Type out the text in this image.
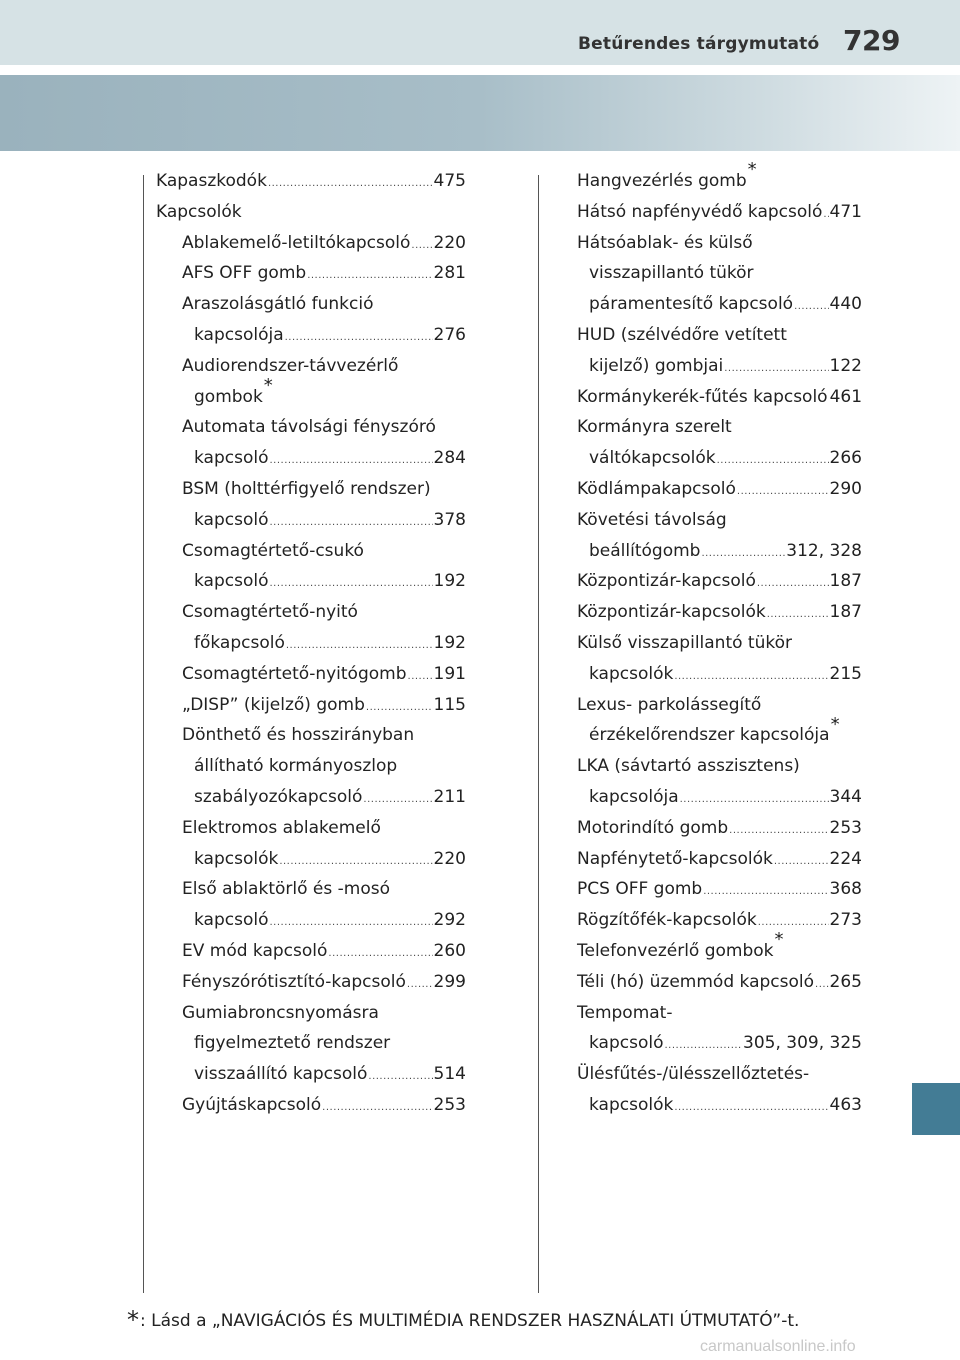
Betűrendes tárgymutató 729
Kapaszkodók .....	475
Kapcsolók
Ablakemelő-letiltókapcsoló ..... 220
AFS OFF gomb .....	281
Araszolásgátló funkció
kapcsolója .....	276
Audiorendszer-távvezérlő
gombok*
Automata távolsági fényszóró
kapcsoló .....	284
BSM (holttérfigyelő rendszer)
kapcsoló .....	378
Csomagtértető-csukó
kapcsoló .....	192
Csomagtértető-nyitó
főkapcsoló .....	192
Csomagtértető-nyitógomb ..... 191
„DISP” (kijelző) gomb .....	115
Dönthető és hosszirányban
állítható kormányoszlop
szabályozókapcsoló .....	211
Elektromos ablakemelő
kapcsolók .....	220
Első ablaktörlő és -mosó
kapcsoló .....	292
EV mód kapcsoló .....	260
Fényszórótisztító-kapcsoló ..... 299
Gumiabroncsnyomásra
figyelmeztető rendszer
visszaállító kapcsoló .....	514
Gyújtáskapcsoló .....	253
Hangvezérlés gomb*
Hátsó napfényvédő kapcsoló ..... 471
Hátsóablak- és külső
visszapillantó tükör
páramentesítő kapcsoló ..... 440
HUD (szélvédőre vetített
kijelző) gombjai .....	122
Kormánykerék-fűtés kapcsoló 461
Kormányra szerelt
váltókapcsolók .....	266
Ködlámpakapcsoló .....	290
Követési távolság
beállítógomb .....	312, 328
Központizár-kapcsoló .....	187
Központizár-kapcsolók .....	187
Külső visszapillantó tükör
kapcsolók .....	215
Lexus- parkolássegítő
érzékelőrendszer kapcsolója*
LKA (sávtartó asszisztens)
kapcsolója .....	344
Motorindító gomb .....	253
Napfénytető-kapcsolók .....	224
PCS OFF gomb .....	368
Rögzítőfék-kapcsolók .....	273
Telefonvezérlő gombok*
Téli (hó) üzemmód kapcsoló ..... 265
Tempomat-
kapcsoló .....	305, 309, 325
Ülésfűtés-/ülésszellőztetés-
kapcsolók .....	463
*: Lásd a „NAVIGÁCIÓS ÉS MULTIMÉDIA RENDSZER HASZNÁLATI ÚTMUTATÓ”-t.
carmanualsonline.info
